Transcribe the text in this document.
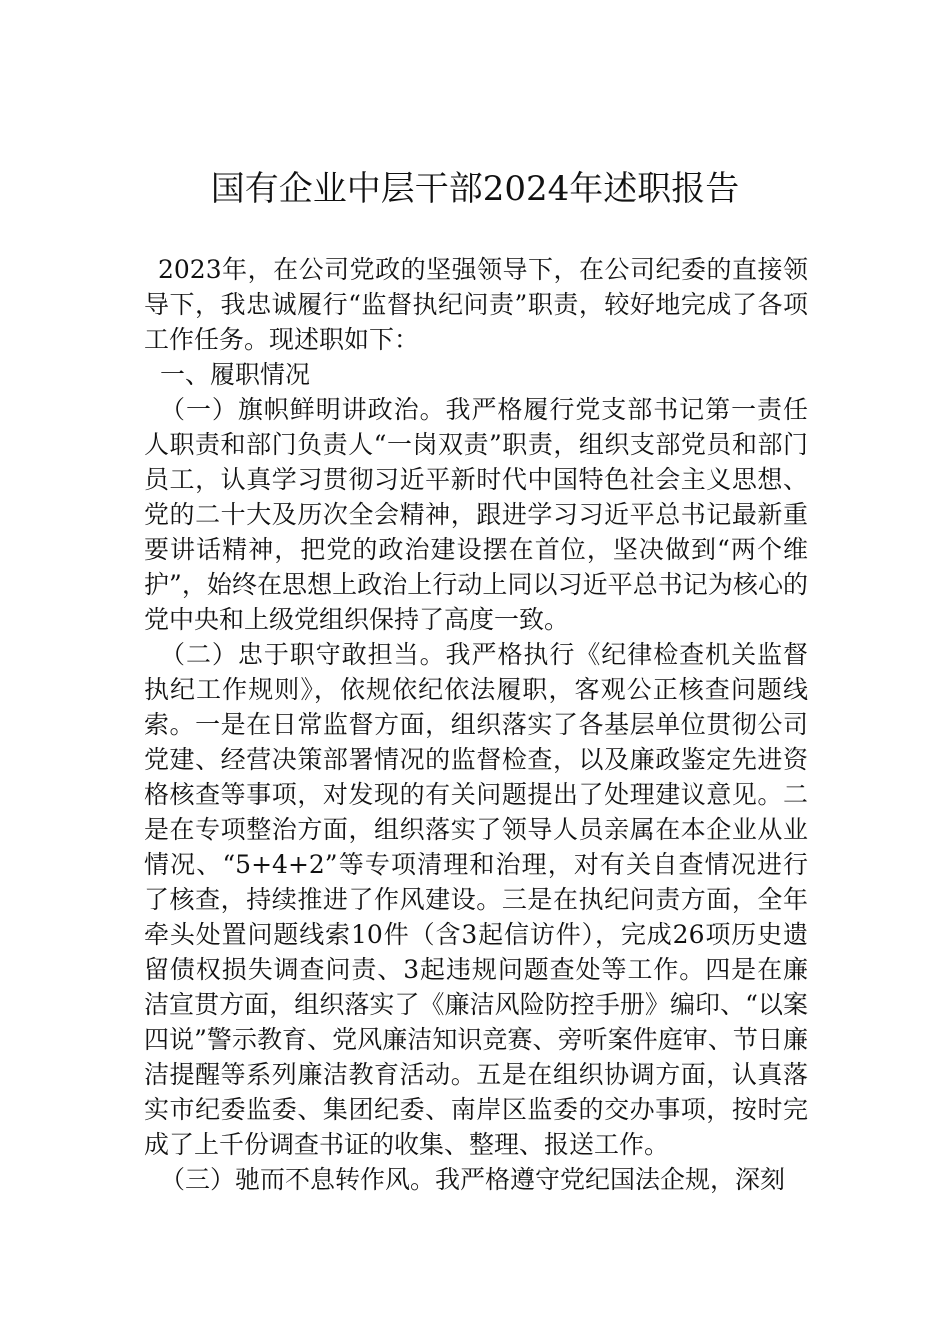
国有企业中层干部2024年述职报告

2023年，在公司党政的坚强领导下，在公司纪委的直接领导下，我忠诚履行“监督执纪问责”职责，较好地完成了各项工作任务。现述职如下：

一、履职情况

（一）旗帜鲜明讲政治。我严格履行党支部书记第一责任人职责和部门负责人“一岗双责”职责，组织支部党员和部门员工，认真学习贯彻习近平新时代中国特色社会主义思想、党的二十大及历次全会精神，跟进学习习近平总书记最新重要讲话精神，把党的政治建设摆在首位，坚决做到“两个维护”，始终在思想上政治上行动上同以习近平总书记为核心的党中央和上级党组织保持了高度一致。

（二）忠于职守敢担当。我严格执行《纪律检查机关监督执纪工作规则》，依规依纪依法履职，客观公正核查问题线索。一是在日常监督方面，组织落实了各基层单位贯彻公司党建、经营决策部署情况的监督检查，以及廉政鉴定先进资格核查等事项，对发现的有关问题提出了处理建议意见。二是在专项整治方面，组织落实了领导人员亲属在本企业从业情况、“5+4+2”等专项清理和治理，对有关自查情况进行了核查，持续推进了作风建设。三是在执纪问责方面，全年牵头处置问题线索10件（含3起信访件），完成26项历史遗留债权损失调查问责、3起违规问题查处等工作。四是在廉洁宣贯方面，组织落实了《廉洁风险防控手册》编印、“以案四说”警示教育、党风廉洁知识竞赛、旁听案件庭审、节日廉洁提醒等系列廉洁教育活动。五是在组织协调方面，认真落实市纪委监委、集团纪委、南岸区监委的交办事项，按时完成了上千份调查书证的收集、整理、报送工作。

（三）驰而不息转作风。我严格遵守党纪国法企规，深刻
